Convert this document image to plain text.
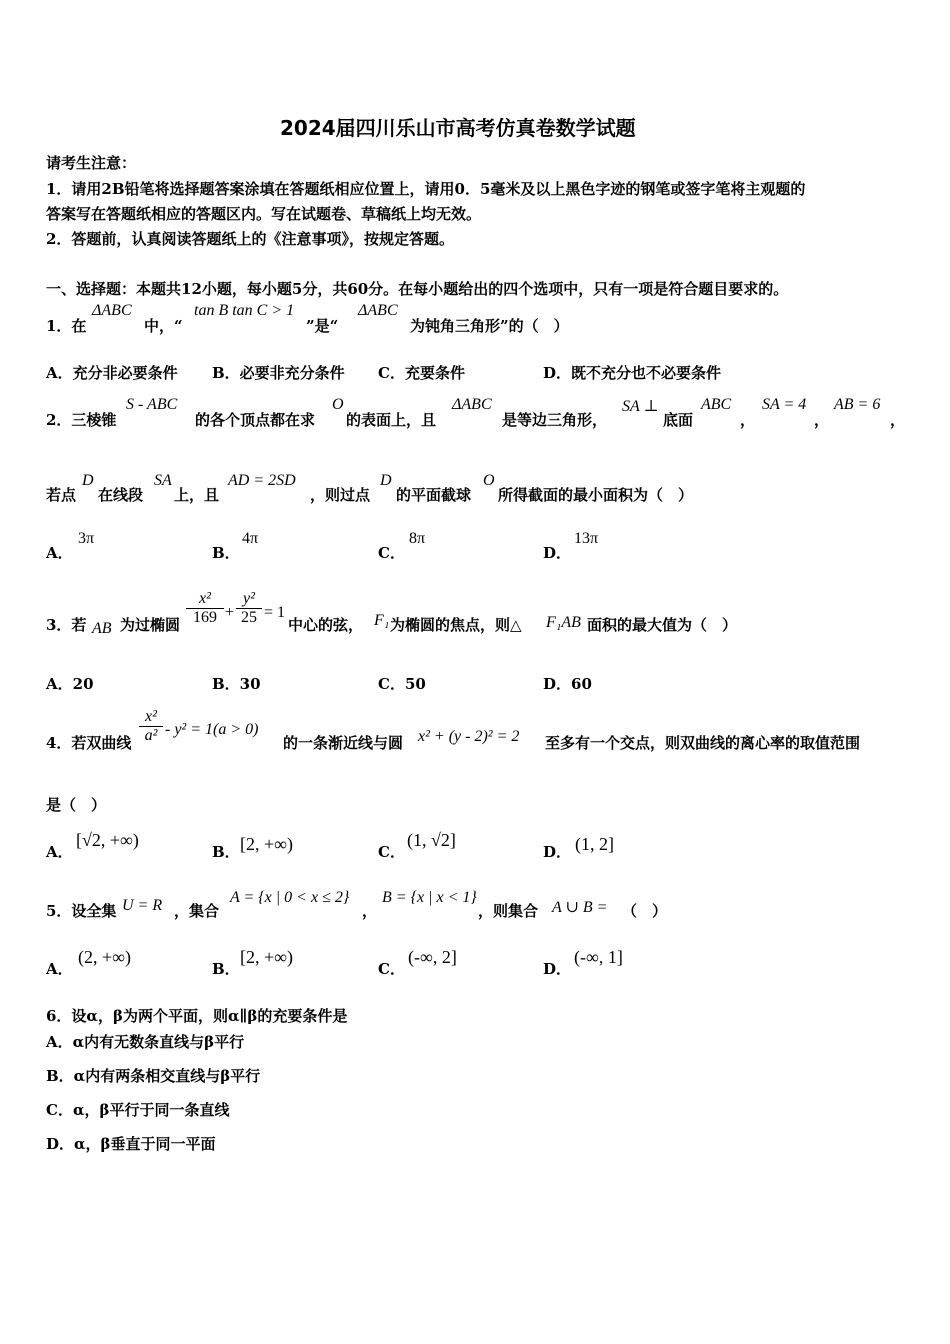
2024届四川乐山市高考仿真卷数学试题
请考生注意：
1．请用2B铅笔将选择题答案涂填在答题纸相应位置上，请用0．5毫米及以上黑色字迹的钢笔或签字笔将主观题的
答案写在答题纸相应的答题区内。写在试题卷、草稿纸上均无效。
2．答题前，认真阅读答题纸上的《注意事项》，按规定答题。
一、选择题：本题共12小题，每小题5分，共60分。在每小题给出的四个选项中，只有一项是符合题目要求的。
1．在
ΔABC
中，“
tan B tan C > 1
”是“
ΔABC
为钝角三角形”的（　）
A．充分非必要条件 B．必要非充分条件 C．充要条件	D．既不充分也不必要条件
2．三棱锥
S - ABC
的各个顶点都在求
O
的表面上，且
ΔABC
是等边三角形，
SA ⊥
底面
ABC
，
SA = 4
，
AB = 6
，
若点
D
在线段
SA
上，且
AD = 2SD
，则过点
D
的平面截球
O
所得截面的最小面积为（　）
A．
3π
B．
4π
C．
8π
D．
13π
3．若 AB 为过椭圆 $\frac{\text{x²}}{169} + \frac{\text{y²}}{25} = 1$
中心的弦， F₁ 为椭圆的焦点，则△ F₁AB 面积的最大值为（　）
A．20	B．30	C．50	D．60
4．若双曲线 $\frac{\text{x²}}{\text{a²}} - y^2 = 1(a > 0)$
的一条渐近线与圆 x² + (y - 2)² = 2 至多有一个交点，则双曲线的离心率的取值范围
是（　）
A．
[√2, +∞)
B． [2, +∞)	C．
(1, √2]
D． (1, 2]
5．设全集 U = R ，集合
A = {x | 0 < x ≤ 2}
，
B = {x | x < 1}
，则集合 A ∪ B = （　）
A．
(2, +∞)
B．
[2, +∞)
C．
(-∞, 2]
D．
(-∞, 1]
6．设α，β为两个平面，则α∥β的充要条件是
A．α内有无数条直线与β平行
B．α内有两条相交直线与β平行
C．α，β平行于同一条直线
D．α，β垂直于同一平面
